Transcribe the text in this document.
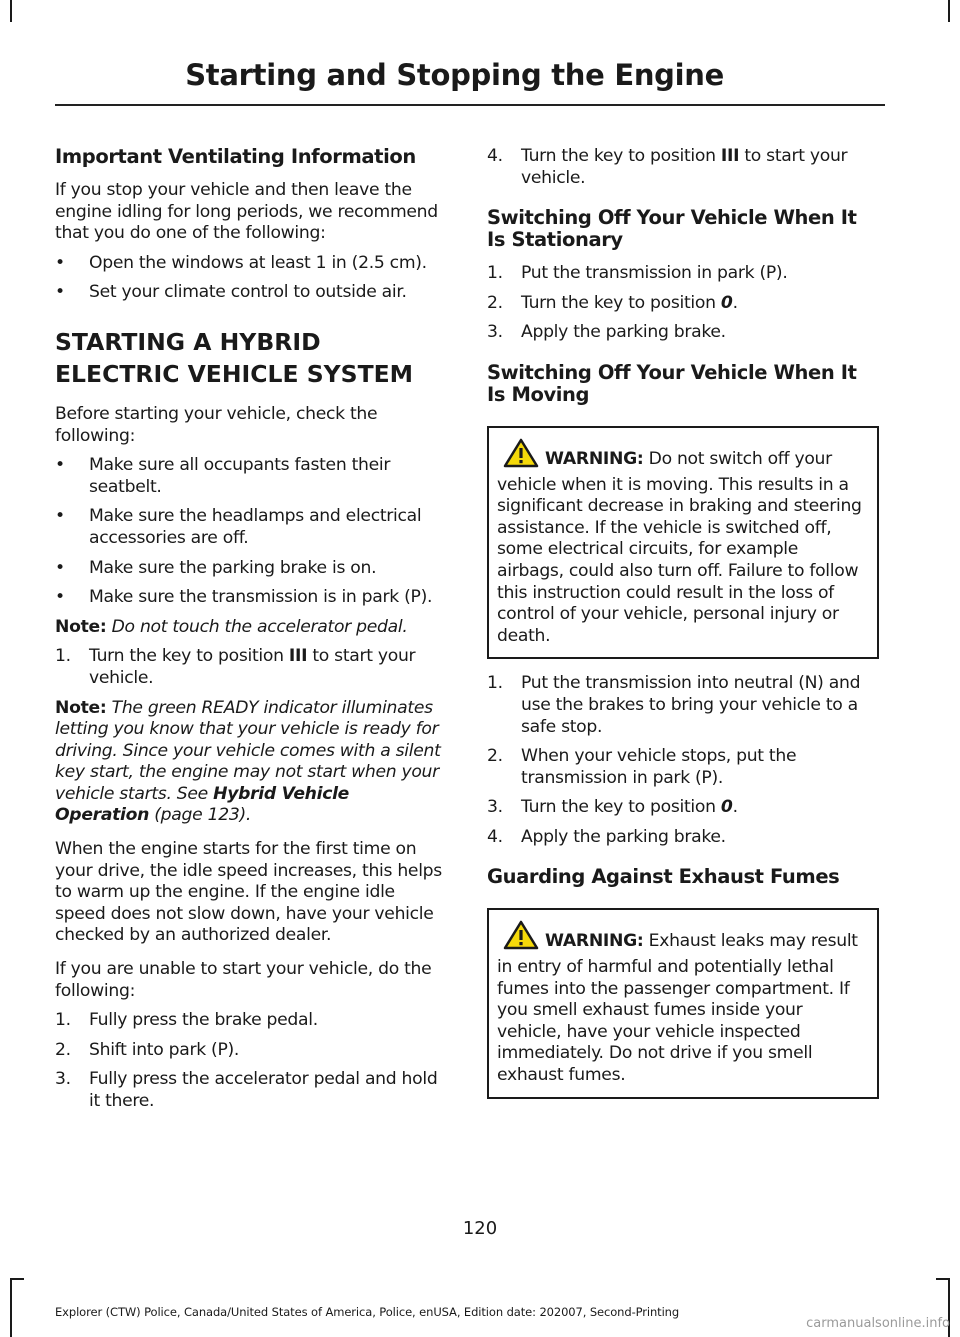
Starting and Stopping the Engine

Important Ventilating Information

If you stop your vehicle and then leave the engine idling for long periods, we recommend that you do one of the following:

•	Open the windows at least 1 in (2.5 cm).
•	Set your climate control to outside air.
STARTING A HYBRID
ELECTRIC VEHICLE SYSTEM

Before starting your vehicle, check the following:

•	Make sure all occupants fasten their seatbelt.
•	Make sure the headlamps and electrical accessories are off.
•	Make sure the parking brake is on.
•	Make sure the transmission is in park (P).

Note: Do not touch the accelerator pedal.

1.	Turn the key to position III to start your vehicle.

Note: The green READY indicator illuminates letting you know that your vehicle is ready for driving. Since your vehicle comes with a silent key start, the engine may not start when your vehicle starts. See Hybrid Vehicle Operation (page 123).

When the engine starts for the first time on your drive, the idle speed increases, this helps to warm up the engine. If the engine idle speed does not slow down, have your vehicle checked by an authorized dealer.

If you are unable to start your vehicle, do the following:

1.	Fully press the brake pedal.
2.	Shift into park (P).
3.	Fully press the accelerator pedal and hold it there.
4.	Turn the key to position III to start your vehicle.

Switching Off Your Vehicle When It Is Stationary

1.	Put the transmission in park (P).
2.	Turn the key to position 0.
3.	Apply the parking brake.

Switching Off Your Vehicle When It Is Moving

WARNING: Do not switch off your vehicle when it is moving. This results in a significant decrease in braking and steering assistance. If the vehicle is switched off, some electrical circuits, for example airbags, could also turn off. Failure to follow this instruction could result in the loss of control of your vehicle, personal injury or death.
1.	Put the transmission into neutral (N) and use the brakes to bring your vehicle to a safe stop.
2.	When your vehicle stops, put the transmission in park (P).
3.	Turn the key to position 0.
4.	Apply the parking brake.

Guarding Against Exhaust Fumes

WARNING: Exhaust leaks may result in entry of harmful and potentially lethal fumes into the passenger compartment. If you smell exhaust fumes inside your vehicle, have your vehicle inspected immediately. Do not drive if you smell exhaust fumes.
120
Explorer (CTW) Police, Canada/United States of America, Police, enUSA, Edition date: 202007, Second-Printing
carmanualsonline.info
